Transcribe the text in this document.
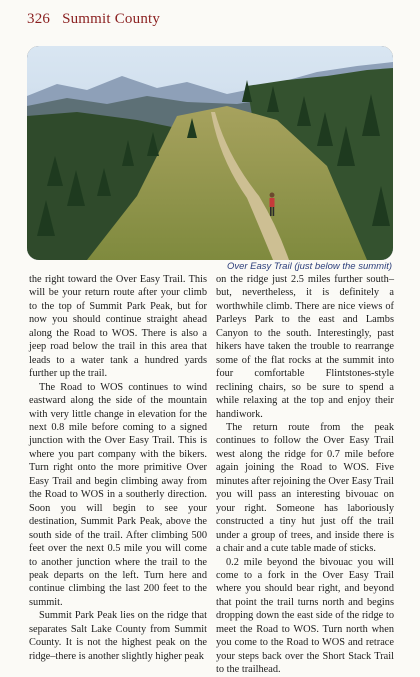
326 Summit County
Over Easy Trail (just below the summit)

the right toward the Over Easy Trail. This will be your return route after your climb to the top of Summit Park Peak, but for now you should continue straight ahead along the Road to WOS. There is also a jeep road below the trail in this area that leads to a water tank a hundred yards further up the trail.

The Road to WOS continues to wind eastward along the side of the mountain with very little change in elevation for the next 0.8 mile before coming to a signed junction with the Over Easy Trail. This is where you part company with the bikers. Turn right onto the more primitive Over Easy Trail and begin climbing away from the Road to WOS in a southerly direction. Soon you will begin to see your destination, Summit Park Peak, above the south side of the trail. After climbing 500 feet over the next 0.5 mile you will come to another junction where the trail to the peak departs on the left. Turn here and continue climbing the last 200 feet to the summit.

Summit Park Peak lies on the ridge that separates Salt Lake County from Summit County. It is not the highest peak on the ridge–there is another slightly higher peak

on the ridge just 2.5 miles further south–but, nevertheless, it is definitely a worthwhile climb. There are nice views of Parleys Park to the east and Lambs Canyon to the south. Interestingly, past hikers have taken the trouble to rearrange some of the flat rocks at the summit into four comfortable Flintstones-style reclining chairs, so be sure to spend a while relaxing at the top and enjoy their handiwork.

The return route from the peak continues to follow the Over Easy Trail west along the ridge for 0.7 mile before again joining the Road to WOS. Five minutes after rejoining the Over Easy Trail you will pass an interesting bivouac on your right. Someone has laboriously constructed a tiny hut just off the trail under a group of trees, and inside there is a chair and a cute table made of sticks.

0.2 mile beyond the bivouac you will come to a fork in the Over Easy Trail where you should bear right, and beyond that point the trail turns north and begins dropping down the east side of the ridge to meet the Road to WOS. Turn north when you come to the Road to WOS and retrace your steps back over the Short Stack Trail to the trailhead.
